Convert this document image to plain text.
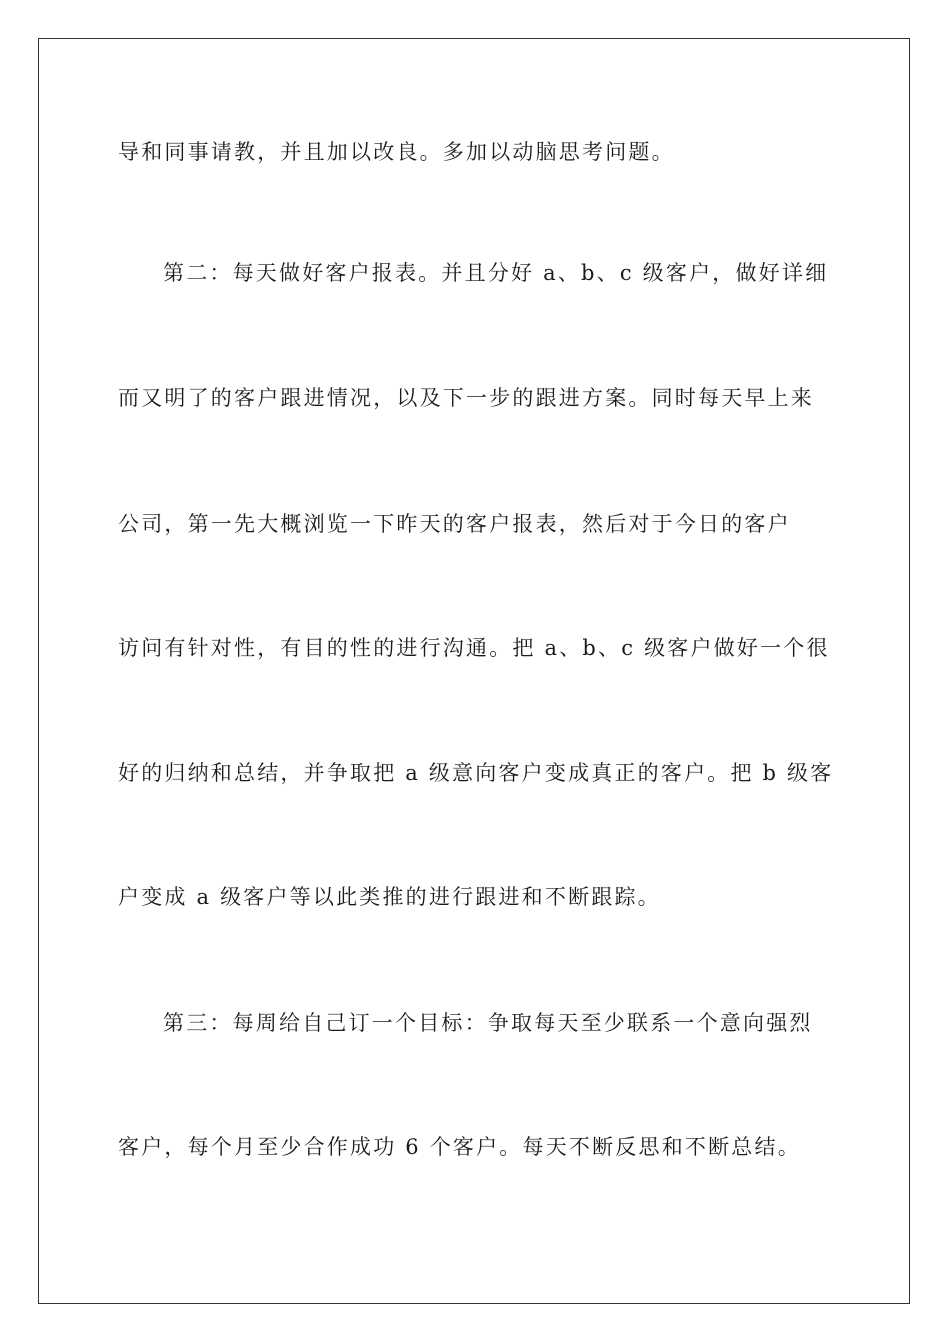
导和同事请教，并且加以改良。多加以动脑思考问题。
第二：每天做好客户报表。并且分好 a、b、c 级客户，做好详细
而又明了的客户跟进情况，以及下一步的跟进方案。同时每天早上来
公司，第一先大概浏览一下昨天的客户报表，然后对于今日的客户
访问有针对性，有目的性的进行沟通。把 a、b、c 级客户做好一个很
好的归纳和总结，并争取把 a 级意向客户变成真正的客户。把 b 级客
户变成 a 级客户等以此类推的进行跟进和不断跟踪。
第三：每周给自己订一个目标：争取每天至少联系一个意向强烈
客户，每个月至少合作成功 6 个客户。每天不断反思和不断总结。
